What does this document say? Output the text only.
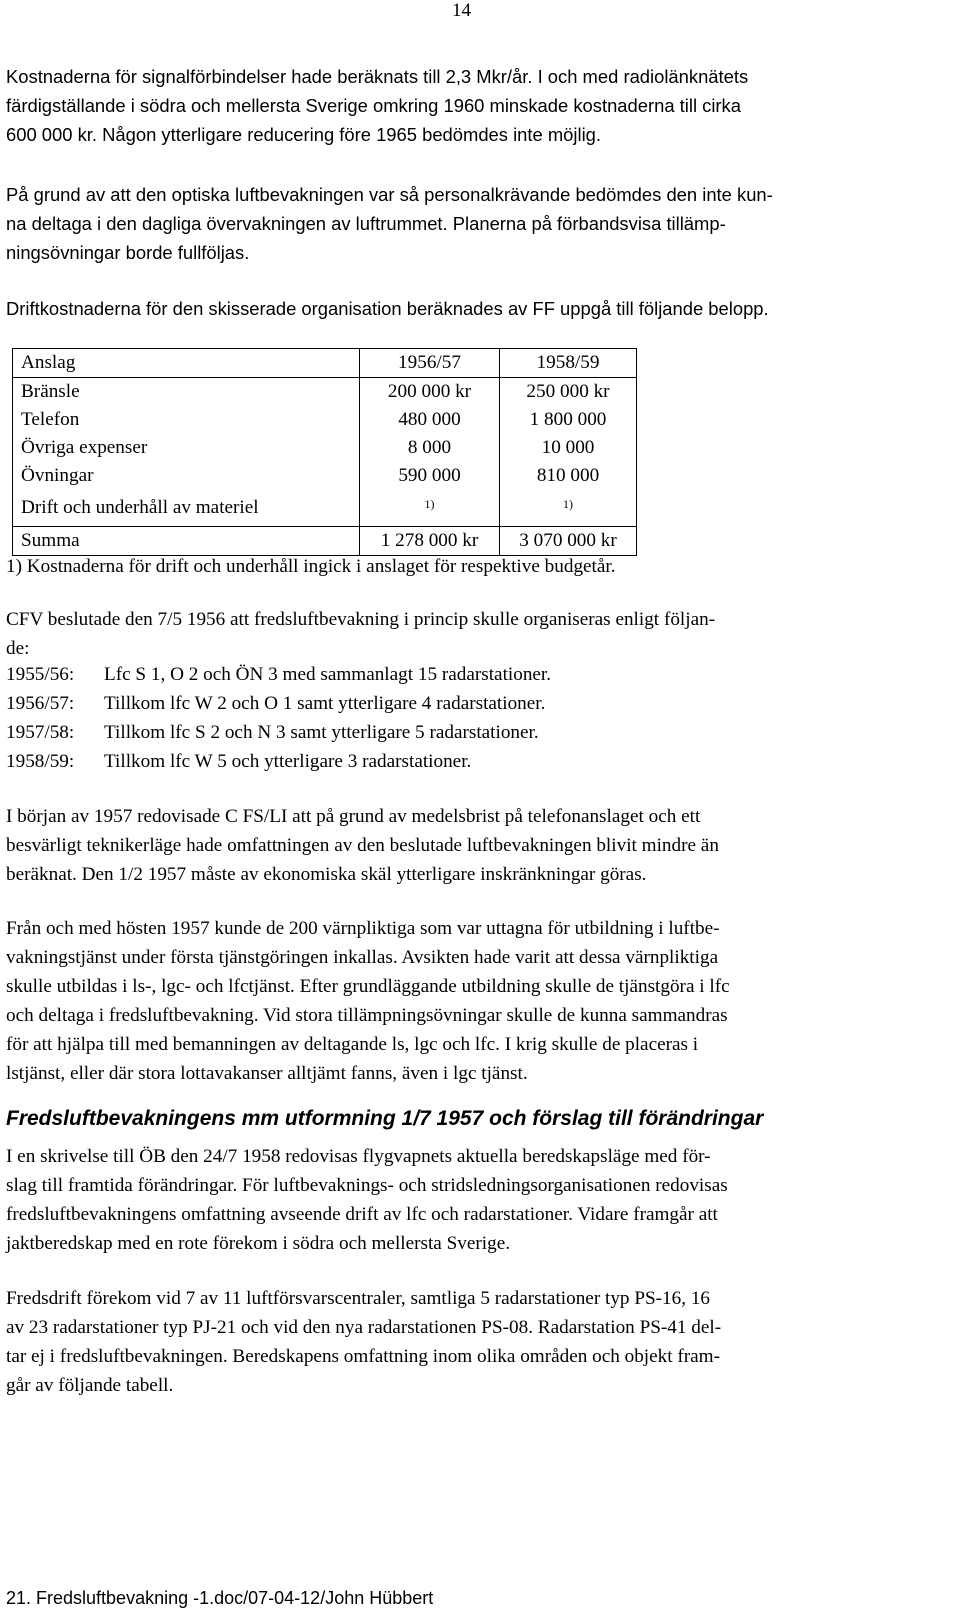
14
Kostnaderna för signalförbindelser hade beräknats till 2,3 Mkr/år. I och med radiolänknätets
färdigställande i södra och mellersta Sverige omkring 1960 minskade kostnaderna till cirka
600 000 kr. Någon ytterligare reducering före 1965 bedömdes inte möjlig.
På grund av att den optiska luftbevakningen var så personalkrävande bedömdes den inte kun-
na deltaga i den dagliga övervakningen av luftrummet. Planerna på förbandsvisa tillämp-
ningsövningar borde fullföljas.
Driftkostnaderna för den skisserade organisation beräknades av FF uppgå till följande belopp.
Anslag	1956/57	1958/59
Bränsle	200 000 kr	250 000 kr
Telefon	480 000	1 800 000
Övriga expenser	8 000	10 000
Övningar	590 000	810 000
Drift och underhåll av materiel	$^{1)}$	$^{1)}$
Summa	1 278 000 kr	3 070 000 kr
1) Kostnaderna för drift och underhåll ingick i anslaget för respektive budgetår.
CFV beslutade den 7/5 1956 att fredsluftbevakning i princip skulle organiseras enligt följan-
de:
1955/56:	Lfc S 1, O 2 och ÖN 3 med sammanlagt 15 radarstationer.
1956/57:	Tillkom lfc W 2 och O 1 samt ytterligare 4 radarstationer.
1957/58:	Tillkom lfc S 2 och N 3 samt ytterligare 5 radarstationer.
1958/59:	Tillkom lfc W 5 och ytterligare 3 radarstationer.
I början av 1957 redovisade C FS/LI att på grund av medelsbrist på telefonanslaget och ett
besvärligt teknikerläge hade omfattningen av den beslutade luftbevakningen blivit mindre än
beräknat. Den 1/2 1957 måste av ekonomiska skäl ytterligare inskränkningar göras.
Från och med hösten 1957 kunde de 200 värnpliktiga som var uttagna för utbildning i luftbe-
vakningstjänst under första tjänstgöringen inkallas. Avsikten hade varit att dessa värnpliktiga
skulle utbildas i ls-, lgc- och lfctjänst. Efter grundläggande utbildning skulle de tjänstgöra i lfc
och deltaga i fredsluftbevakning. Vid stora tillämpningsövningar skulle de kunna sammandras
för att hjälpa till med bemanningen av deltagande ls, lgc och lfc. I krig skulle de placeras i
lstjänst, eller där stora lottavakanser alltjämt fanns, även i lgc tjänst.
Fredsluftbevakningens mm utformning 1/7 1957 och förslag till förändringar
I en skrivelse till ÖB den 24/7 1958 redovisas flygvapnets aktuella beredskapsläge med för-
slag till framtida förändringar. För luftbevaknings- och stridsledningsorganisationen redovisas
fredsluftbevakningens omfattning avseende drift av lfc och radarstationer. Vidare framgår att
jaktberedskap med en rote förekom i södra och mellersta Sverige.
Fredsdrift förekom vid 7 av 11 luftförsvarscentraler, samtliga 5 radarstationer typ PS-16, 16
av 23 radarstationer typ PJ-21 och vid den nya radarstationen PS-08. Radarstation PS-41 del-
tar ej i fredsluftbevakningen. Beredskapens omfattning inom olika områden och objekt fram-
går av följande tabell.
21. Fredsluftbevakning -1.doc/07-04-12/John Hübbert
